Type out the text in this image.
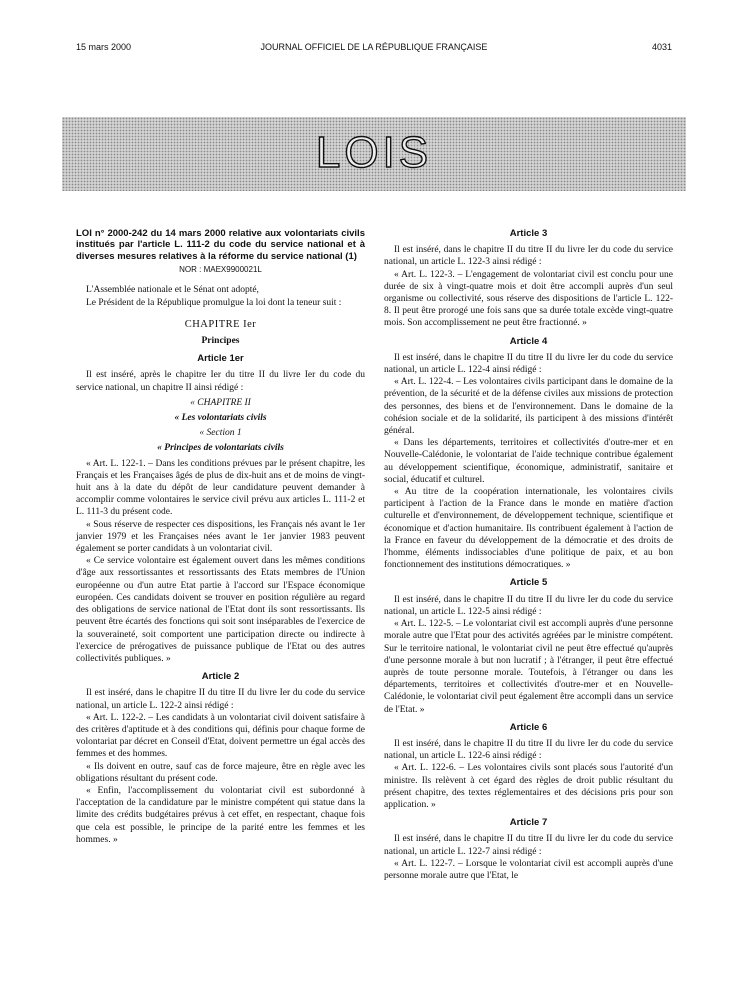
15 mars 2000	JOURNAL OFFICIEL DE LA RÉPUBLIQUE FRANÇAISE	4031
LOIS

LOI n° 2000-242 du 14 mars 2000 relative aux volontariats civils institués par l'article L. 111-2 du code du service national et à diverses mesures relatives à la réforme du service national (1)

NOR : MAEX9900021L

L'Assemblée nationale et le Sénat ont adopté,

Le Président de la République promulgue la loi dont la teneur suit :

CHAPITRE Ier
Principes
Article 1er

Il est inséré, après le chapitre Ier du titre II du livre Ier du code du service national, un chapitre II ainsi rédigé :

« CHAPITRE II
« Les volontariats civils
« Section 1
« Principes de volontariats civils

« Art. L. 122-1. – Dans les conditions prévues par le présent chapitre, les Français et les Françaises âgés de plus de dix-huit ans et de moins de vingt-huit ans à la date du dépôt de leur candidature peuvent demander à accomplir comme volontaires le service civil prévu aux articles L. 111-2 et L. 111-3 du présent code.

« Sous réserve de respecter ces dispositions, les Français nés avant le 1er janvier 1979 et les Françaises nées avant le 1er janvier 1983 peuvent également se porter candidats à un volontariat civil.

« Ce service volontaire est également ouvert dans les mêmes conditions d'âge aux ressortissantes et ressortissants des Etats membres de l'Union européenne ou d'un autre Etat partie à l'accord sur l'Espace économique européen. Ces candidats doivent se trouver en position régulière au regard des obligations de service national de l'Etat dont ils sont ressortissants. Ils peuvent être écartés des fonctions qui soit sont inséparables de l'exercice de la souveraineté, soit comportent une participation directe ou indirecte à l'exercice de prérogatives de puissance publique de l'Etat ou des autres collectivités publiques. »

Article 2

Il est inséré, dans le chapitre II du titre II du livre Ier du code du service national, un article L. 122-2 ainsi rédigé :

« Art. L. 122-2. – Les candidats à un volontariat civil doivent satisfaire à des critères d'aptitude et à des conditions qui, définis pour chaque forme de volontariat par décret en Conseil d'Etat, doivent permettre un égal accès des femmes et des hommes.

« Ils doivent en outre, sauf cas de force majeure, être en règle avec les obligations résultant du présent code.

« Enfin, l'accomplissement du volontariat civil est subordonné à l'acceptation de la candidature par le ministre compétent qui statue dans la limite des crédits budgétaires prévus à cet effet, en respectant, chaque fois que cela est possible, le principe de la parité entre les femmes et les hommes. »

Article 3

Il est inséré, dans le chapitre II du titre II du livre Ier du code du service national, un article L. 122-3 ainsi rédigé :

« Art. L. 122-3. – L'engagement de volontariat civil est conclu pour une durée de six à vingt-quatre mois et doit être accompli auprès d'un seul organisme ou collectivité, sous réserve des dispositions de l'article L. 122-8. Il peut être prorogé une fois sans que sa durée totale excède vingt-quatre mois. Son accomplissement ne peut être fractionné. »

Article 4

Il est inséré, dans le chapitre II du titre II du livre Ier du code du service national, un article L. 122-4 ainsi rédigé :

« Art. L. 122-4. – Les volontaires civils participant dans le domaine de la prévention, de la sécurité et de la défense civiles aux missions de protection des personnes, des biens et de l'environnement. Dans le domaine de la cohésion sociale et de la solidarité, ils participent à des missions d'intérêt général.

« Dans les départements, territoires et collectivités d'outre-mer et en Nouvelle-Calédonie, le volontariat de l'aide technique contribue également au développement scientifique, économique, administratif, sanitaire et social, éducatif et culturel.

« Au titre de la coopération internationale, les volontaires civils participent à l'action de la France dans le monde en matière d'action culturelle et d'environnement, de développement technique, scientifique et économique et d'action humanitaire. Ils contribuent également à l'action de la France en faveur du développement de la démocratie et des droits de l'homme, éléments indissociables d'une politique de paix, et au bon fonctionnement des institutions démocratiques. »

Article 5

Il est inséré, dans le chapitre II du titre II du livre Ier du code du service national, un article L. 122-5 ainsi rédigé :

« Art. L. 122-5. – Le volontariat civil est accompli auprès d'une personne morale autre que l'Etat pour des activités agréées par le ministre compétent. Sur le territoire national, le volontariat civil ne peut être effectué qu'auprès d'une personne morale à but non lucratif ; à l'étranger, il peut être effectué auprès de toute personne morale. Toutefois, à l'étranger ou dans les départements, territoires et collectivités d'outre-mer et en Nouvelle-Calédonie, le volontariat civil peut également être accompli dans un service de l'Etat. »

Article 6

Il est inséré, dans le chapitre II du titre II du livre Ier du code du service national, un article L. 122-6 ainsi rédigé :

« Art. L. 122-6. – Les volontaires civils sont placés sous l'autorité d'un ministre. Ils relèvent à cet égard des règles de droit public résultant du présent chapitre, des textes réglementaires et des décisions pris pour son application. »

Article 7

Il est inséré, dans le chapitre II du titre II du livre Ier du code du service national, un article L. 122-7 ainsi rédigé :

« Art. L. 122-7. – Lorsque le volontariat civil est accompli auprès d'une personne morale autre que l'Etat, le
